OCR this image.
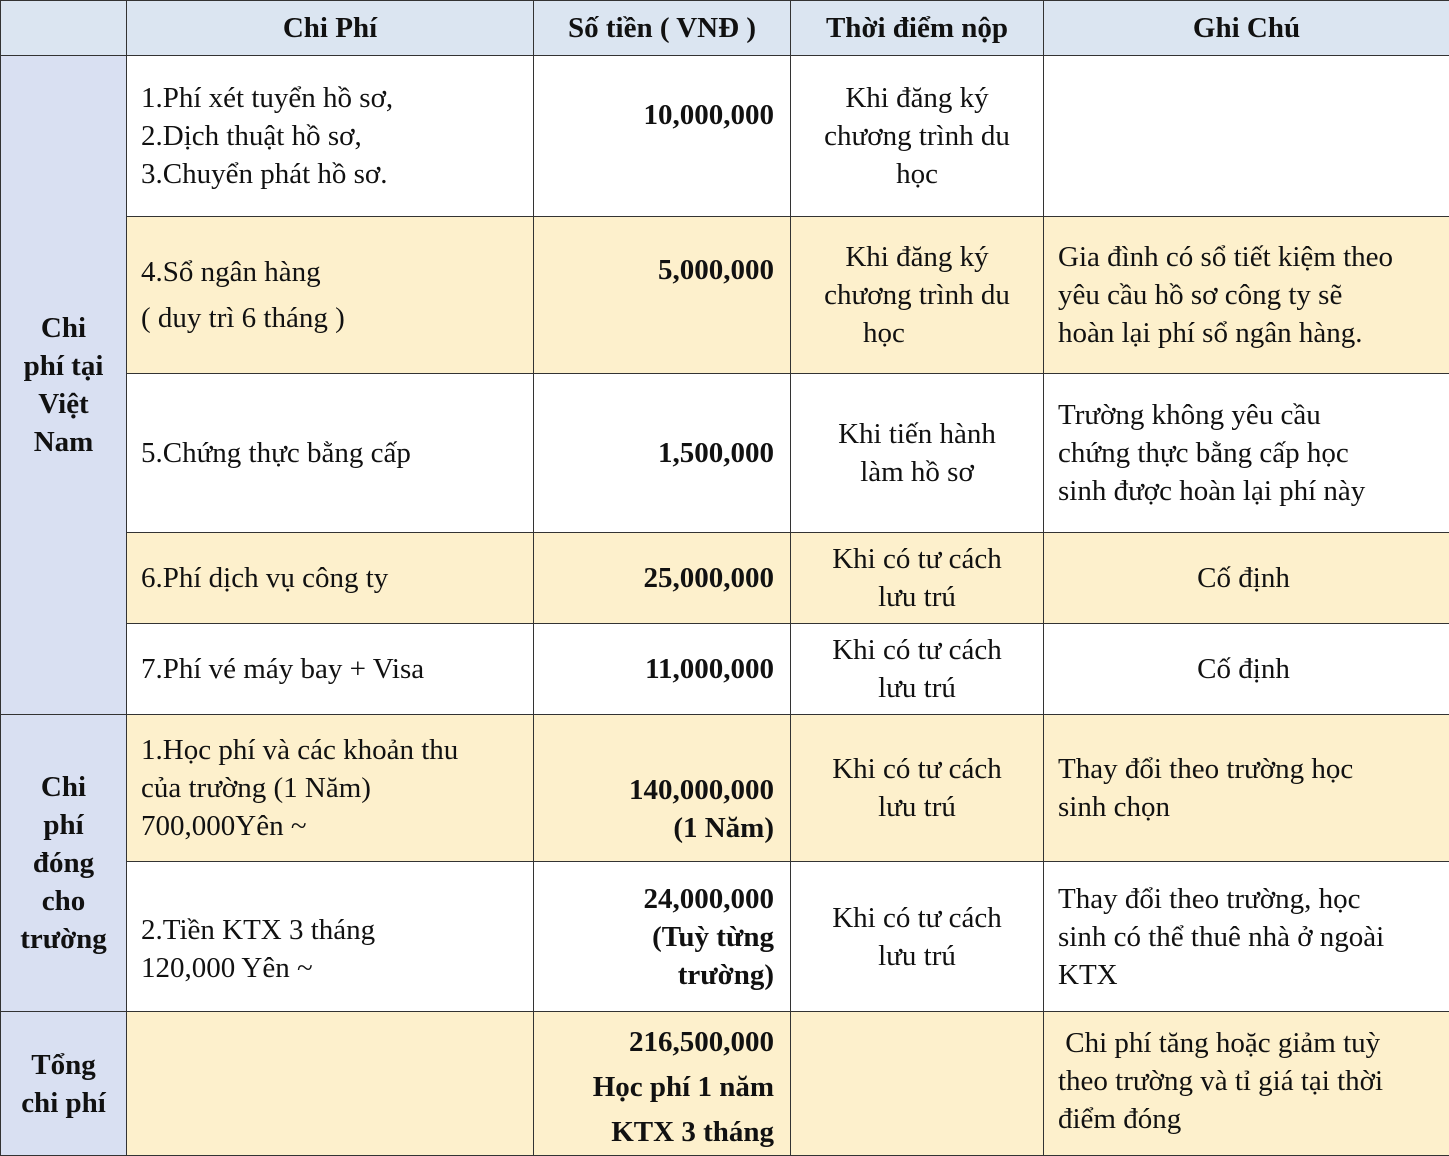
	Chi Phí	Số tiền ( VNĐ )	Thời điểm nộp	Ghi Chú

Chi
phí tại
Việt
Nam	1.Phí xét tuyển hồ sơ,
2.Dịch thuật hồ sơ,
3.Chuyển phát hồ sơ.	10,000,000	Khi đăng ký
chương trình du
học	

	4.Sổ ngân hàng
( duy trì 6 tháng )	5,000,000	Khi đăng ký
chương trình du
học	Gia đình có sổ tiết kiệm theo
yêu cầu hồ sơ công ty sẽ
hoàn lại phí sổ ngân hàng.

	5.Chứng thực bằng cấp	1,500,000	Khi tiến hành
làm hồ sơ	Trường không yêu cầu
chứng thực bằng cấp học
sinh được hoàn lại phí này

	6.Phí dịch vụ công ty	25,000,000	Khi có tư cách
lưu trú	Cố định

	7.Phí vé máy bay + Visa	11,000,000	Khi có tư cách
lưu trú	Cố định

Chi
phí
đóng
cho
trường	1.Học phí và các khoản thu
của trường (1 Năm)
700,000Yên ~	140,000,000
(1 Năm)	Khi có tư cách
lưu trú	Thay đổi theo trường học
sinh chọn

	2.Tiền KTX 3 tháng
120,000 Yên ~	24,000,000
(Tuỳ từng
trường)	Khi có tư cách
lưu trú	Thay đổi theo trường, học
sinh có thể thuê nhà ở ngoài
KTX

Tổng
chi phí		216,500,000
Học phí 1 năm
KTX 3 tháng		Chi phí tăng hoặc giảm tuỳ
theo trường và tỉ giá tại thời
điểm đóng
